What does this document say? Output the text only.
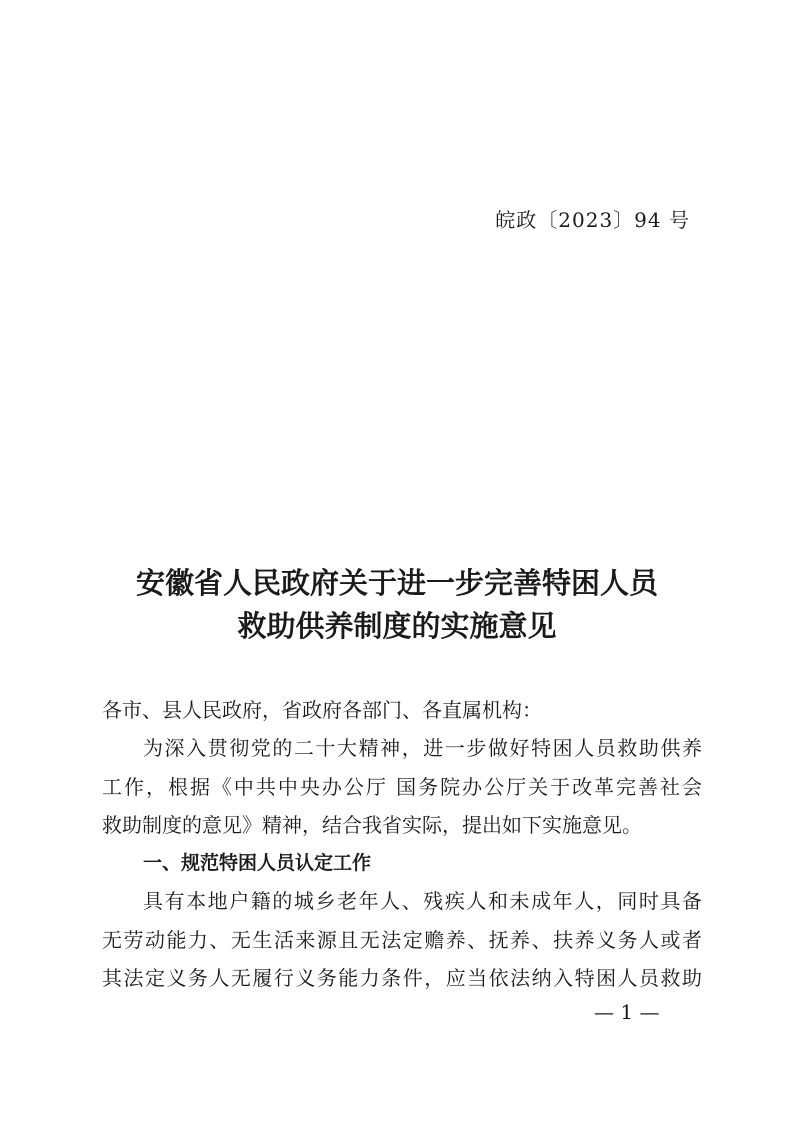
皖政〔2023〕94 号
安徽省人民政府关于进一步完善特困人员
救助供养制度的实施意见
各市、县人民政府，省政府各部门、各直属机构：
为深入贯彻党的二十大精神，进一步做好特困人员救助供养
工作，根据《中共中央办公厅 国务院办公厅关于改革完善社会
救助制度的意见》精神，结合我省实际，提出如下实施意见。
一、规范特困人员认定工作
具有本地户籍的城乡老年人、残疾人和未成年人，同时具备
无劳动能力、无生活来源且无法定赡养、抚养、扶养义务人或者
其法定义务人无履行义务能力条件，应当依法纳入特困人员救助
— 1 —
